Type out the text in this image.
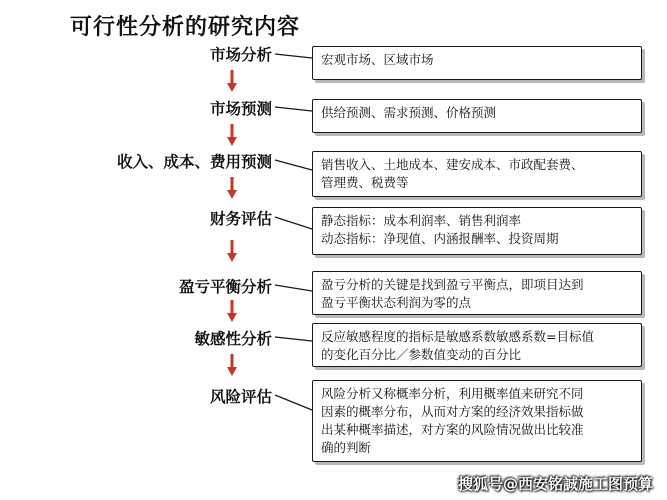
可行性分析的研究内容
市场分析
市场预测
收入、成本、费用预测
财务评估
盈亏平衡分析
敏感性分析
风险评估

宏观市场、区域市场

供给预测、需求预测、价格预测

销售收入、土地成本、建安成本、市政配套费、

管理费、税费等

静态指标：成本利润率、销售利润率

动态指标：净现值、内涵报酬率、投资周期

盈亏分析的关键是找到盈亏平衡点，即项目达到

盈亏平衡状态利润为零的点

反应敏感程度的指标是敏感系数敏感系数=目标值

的变化百分比／参数值变动的百分比

风险分析又称概率分析，利用概率值来研究不同

因素的概率分布，从而对方案的经济效果指标做

出某种概率描述，对方案的风险情况做出比较准

确的判断

搜狐号@西安铭誠施工图预算
